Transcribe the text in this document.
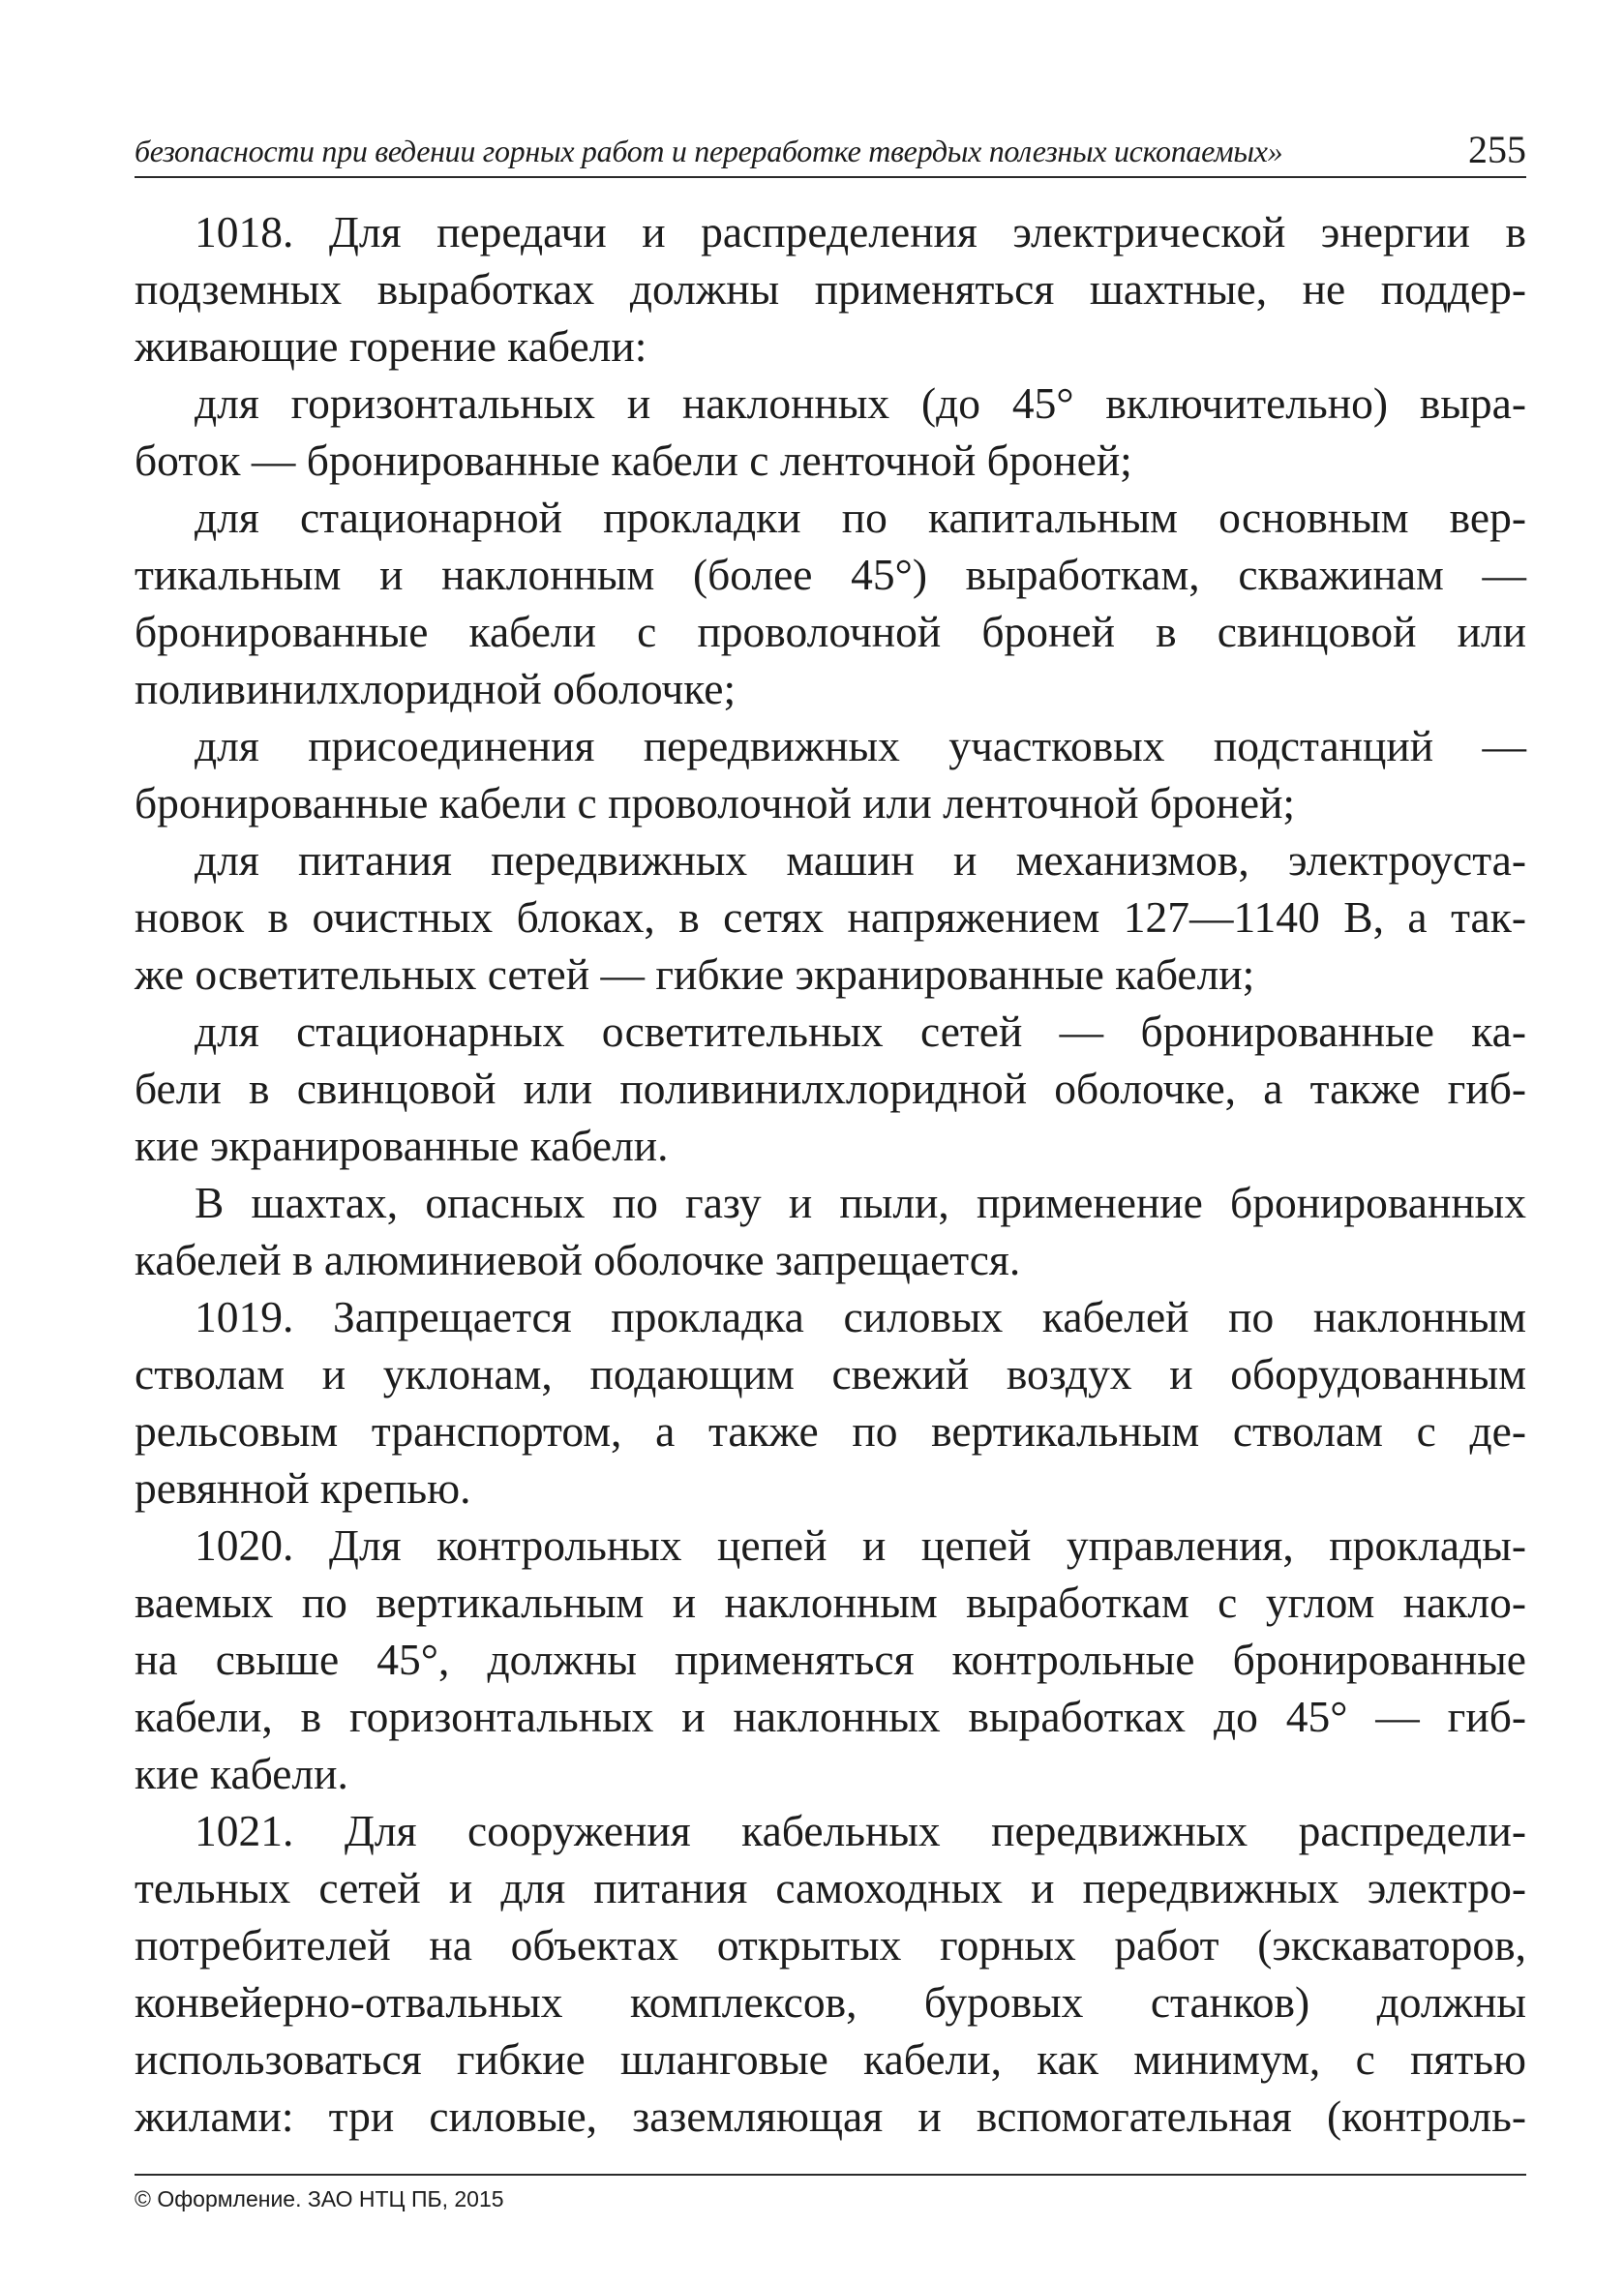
безопасности при ведении горных работ и переработке твердых полезных ископаемых»	255
1018. Для передачи и распределения электрической энергии в
подземных выработках должны применяться шахтные, не поддер-
живающие горение кабели:
для горизонтальных и наклонных (до 45° включительно) выра-
боток — бронированные кабели с ленточной броней;
для стационарной прокладки по капитальным основным вер-
тикальным и наклонным (более 45°) выработкам, скважинам —
бронированные кабели с проволочной броней в свинцовой или
поливинилхлоридной оболочке;
для присоединения передвижных участковых подстанций —
бронированные кабели с проволочной или ленточной броней;
для питания передвижных машин и механизмов, электроуста-
новок в очистных блоках, в сетях напряжением 127—1140 В, а так-
же осветительных сетей — гибкие экранированные кабели;
для стационарных осветительных сетей — бронированные ка-
бели в свинцовой или поливинилхлоридной оболочке, а также гиб-
кие экранированные кабели.
В шахтах, опасных по газу и пыли, применение бронированных
кабелей в алюминиевой оболочке запрещается.
1019. Запрещается прокладка силовых кабелей по наклонным
стволам и уклонам, подающим свежий воздух и оборудованным
рельсовым транспортом, а также по вертикальным стволам с де-
ревянной крепью.
1020. Для контрольных цепей и цепей управления, проклады-
ваемых по вертикальным и наклонным выработкам с углом накло-
на свыше 45°, должны применяться контрольные бронированные
кабели, в горизонтальных и наклонных выработках до 45° — гиб-
кие кабели.
1021. Для сооружения кабельных передвижных распредели-
тельных сетей и для питания самоходных и передвижных электро-
потребителей на объектах открытых горных работ (экскаваторов,
конвейерно-отвальных комплексов, буровых станков) должны
использоваться гибкие шланговые кабели, как минимум, с пятью
жилами: три силовые, заземляющая и вспомогательная (контроль-
© Оформление. ЗАО НТЦ ПБ, 2015
